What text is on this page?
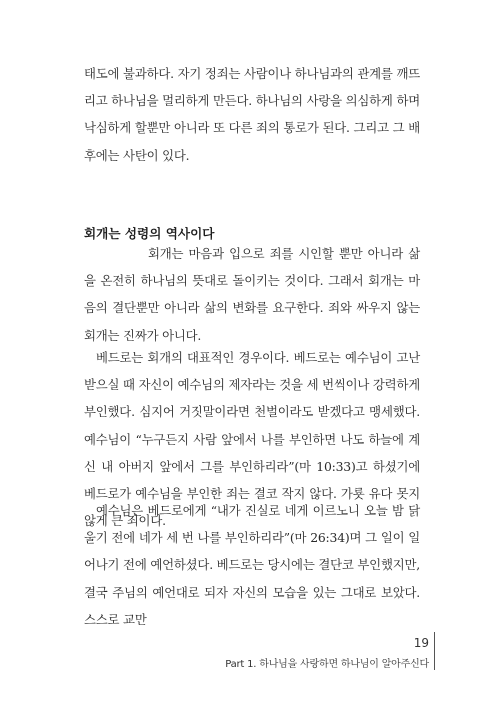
태도에 불과하다. 자기 정죄는 사람이나 하나님과의 관계를 깨뜨리고 하나님을 멀리하게 만든다. 하나님의 사랑을 의심하게 하며 낙심하게 할뿐만 아니라 또 다른 죄의 통로가 된다. 그리고 그 배후에는 사탄이 있다.

회개는 성령의 역사이다

회개는 마음과 입으로 죄를 시인할 뿐만 아니라 삶을 온전히 하나님의 뜻대로 돌이키는 것이다. 그래서 회개는 마음의 결단뿐만 아니라 삶의 변화를 요구한다. 죄와 싸우지 않는 회개는 진짜가 아니다.

베드로는 회개의 대표적인 경우이다. 베드로는 예수님이 고난받으실 때 자신이 예수님의 제자라는 것을 세 번씩이나 강력하게 부인했다. 심지어 거짓말이라면 천벌이라도 받겠다고 맹세했다. 예수님이 “누구든지 사람 앞에서 나를 부인하면 나도 하늘에 계신 내 아버지 앞에서 그를 부인하리라”(마 10:33)고 하셨기에 베드로가 예수님을 부인한 죄는 결코 작지 않다. 가룟 유다 못지않게 큰 죄이다.

예수님은 베드로에게 “내가 진실로 네게 이르노니 오늘 밤 닭 울기 전에 네가 세 번 나를 부인하리라”(마 26:34)며 그 일이 일어나기 전에 예언하셨다. 베드로는 당시에는 결단코 부인했지만, 결국 주님의 예언대로 되자 자신의 모습을 있는 그대로 보았다. 스스로 교만

19
Part 1. 하나님을 사랑하면 하나님이 알아주신다
